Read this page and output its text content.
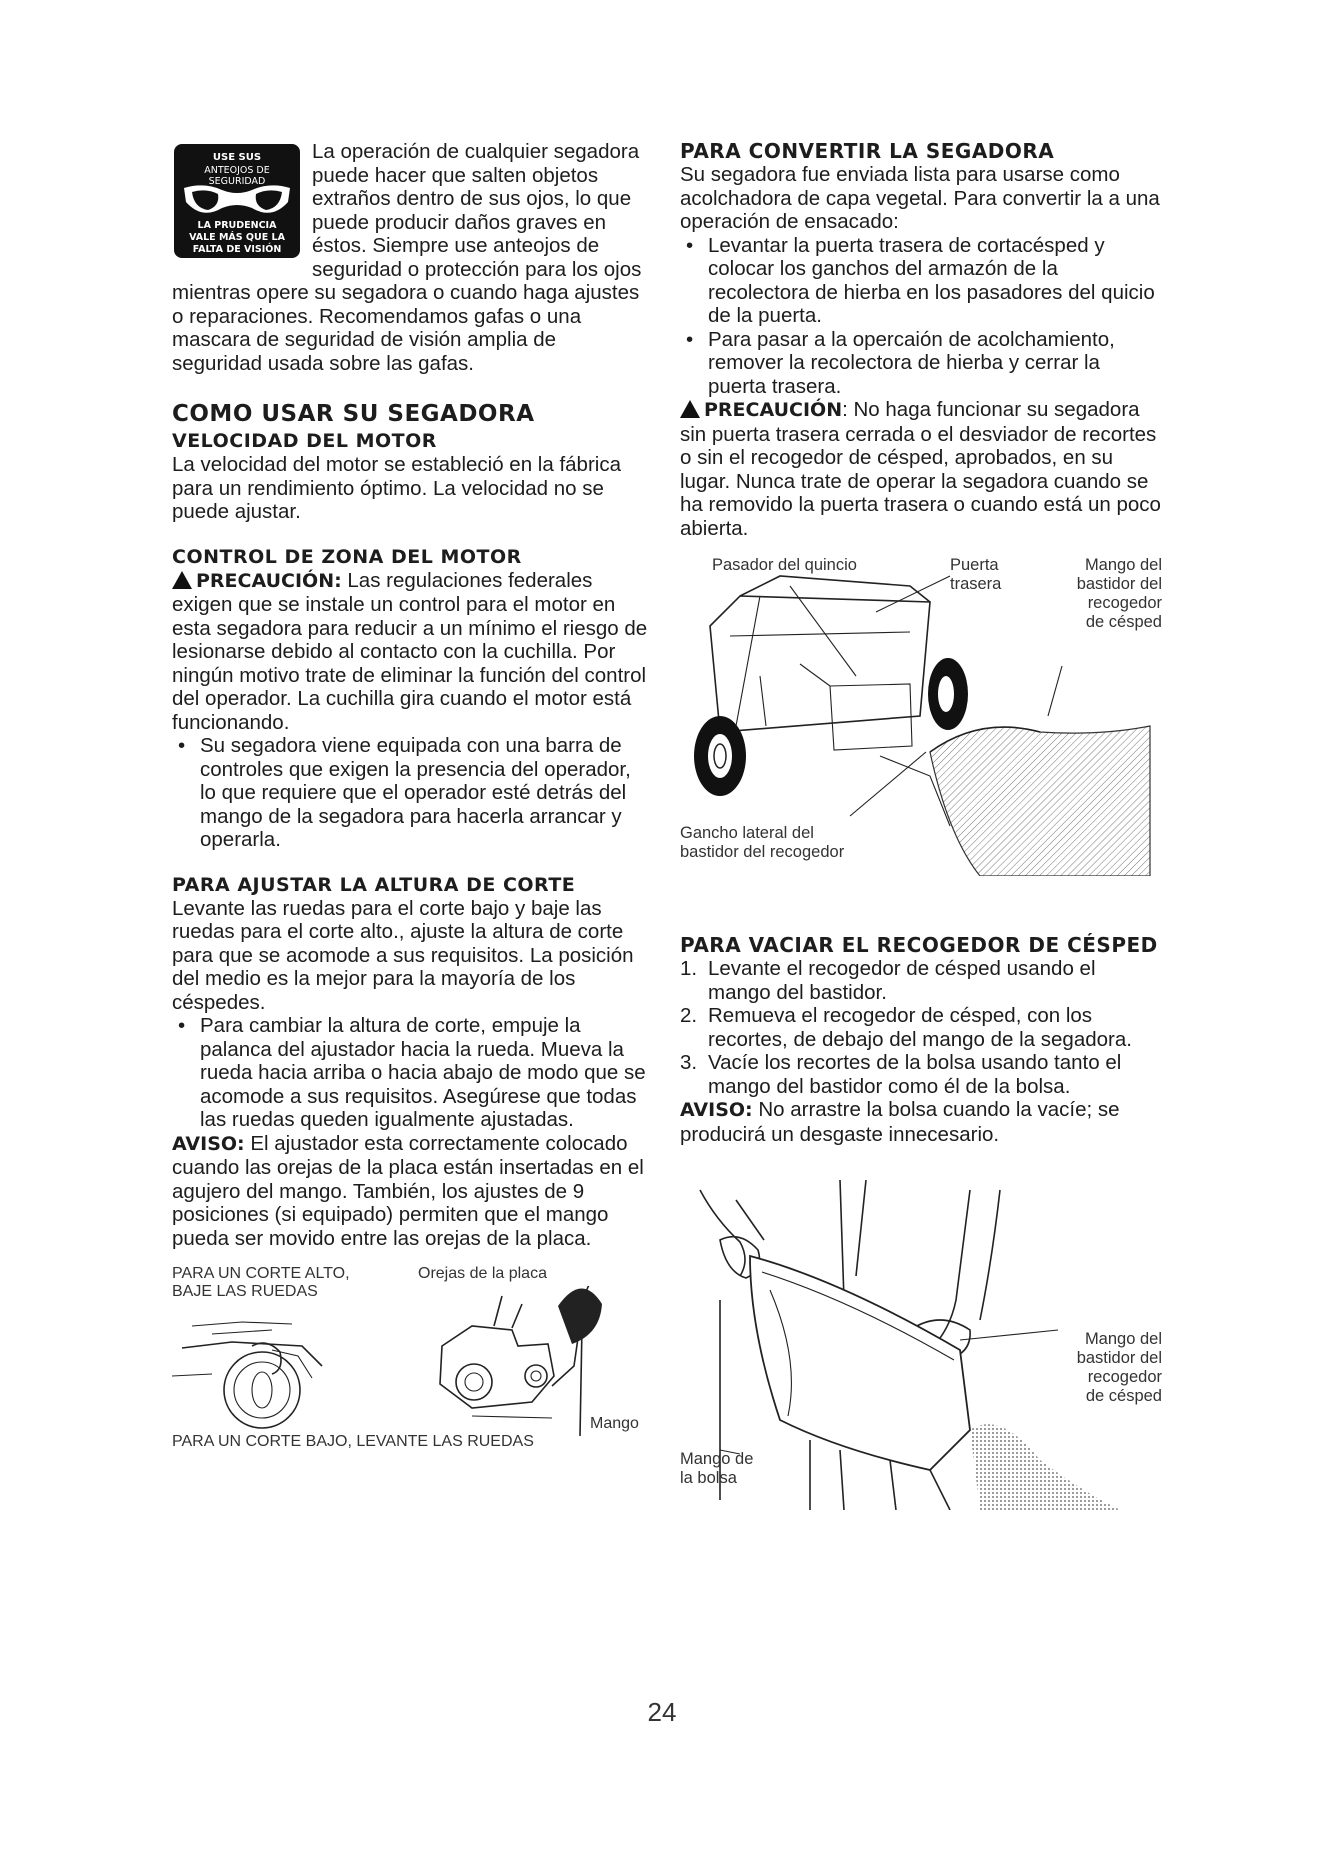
USE SUS
ANTEOJOS DE
SEGURIDAD
LA PRUDENCIA
VALE MÁS QUE LA
FALTA DE VISIÓN

La operación de cualquier segadora puede hacer que salten objetos extraños dentro de sus ojos, lo que puede producir daños graves en éstos. Siempre use anteojos de seguridad o protección para los ojos mientras opere su segadora o cuando haga ajustes o reparaciones. Recomendamos gafas o una mascara de seguridad de visión amplia de seguridad usada sobre las gafas.

COMO USAR SU SEGADORA
VELOCIDAD DEL MOTOR

La velocidad del motor se estableció en la fábrica para un rendimiento óptimo. La velocidad no se puede ajustar.

CONTROL DE ZONA DEL MOTOR

PRECAUCIÓN: Las regulaciones federales exigen que se instale un control para el motor en esta segadora para reducir a un mínimo el riesgo de lesionarse debido al contacto con la cuchilla. Por ningún motivo trate de eliminar la función del control del operador. La cuchilla gira cuando el motor está funcionando.

• Su segadora viene equipada con una barra de controles que exigen la presencia del operador, lo que requiere que el operador esté detrás del mango de la segadora para hacerla arrancar y operarla.
PARA AJUSTAR LA ALTURA DE CORTE

Levante las ruedas para el corte bajo y baje las ruedas para el corte alto., ajuste la altura de corte para que se acomode a sus requisitos. La posición del medio es la mejor para la mayoría de los céspedes.

• Para cambiar la altura de corte, empuje la palanca del ajustador hacia la rueda. Mueva la rueda hacia arriba o hacia abajo de modo que se acomode a sus requisitos. Asegúrese que todas las ruedas queden igualmente ajustadas.

AVISO: El ajustador esta correctamente colocado cuando las orejas de la placa están insertadas en el agujero del mango. También, los ajustes de 9 posiciones (si equipado) permiten que el mango pueda ser movido entre las orejas de la placa.

PARA UN CORTE ALTO,
BAJE LAS RUEDAS
Orejas de la placa
Mango
PARA UN CORTE BAJO, LEVANTE LAS RUEDAS
PARA CONVERTIR LA SEGADORA

Su segadora fue enviada lista para usarse como acolchadora de capa vegetal. Para convertir la a una operación de ensacado:

• Levantar la puerta trasera de cortacésped y colocar los ganchos del armazón de la recolectora de hierba en los pasadores del quicio de la puerta.
• Para pasar a la opercaión de acolchamiento, remover la recolectora de hierba y cerrar la puerta trasera.

PRECAUCIÓN: No haga funcionar su segadora sin puerta trasera cerrada o el desviador de recortes o sin el recogedor de césped, aprobados, en su lugar. Nunca trate de operar la segadora cuando se ha removido la puerta trasera o cuando está un poco abierta.

Pasador del quincio	Puerta
trasera
Mango del
bastidor del
recogedor
de césped
Gancho lateral del
bastidor del recogedor
PARA VACIAR EL RECOGEDOR DE CÉSPED
1. Levante el recogedor de césped usando el mango del bastidor.
2. Remueva el recogedor de césped, con los recortes, de debajo del mango de la segadora.
3. Vacíe los recortes de la bolsa usando tanto el mango del bastidor como él de la bolsa.

AVISO: No arrastre la bolsa cuando la vacíe; se producirá un desgaste innecesario.

Mango del
bastidor del
recogedor
de césped
Mango de
la bolsa
24
